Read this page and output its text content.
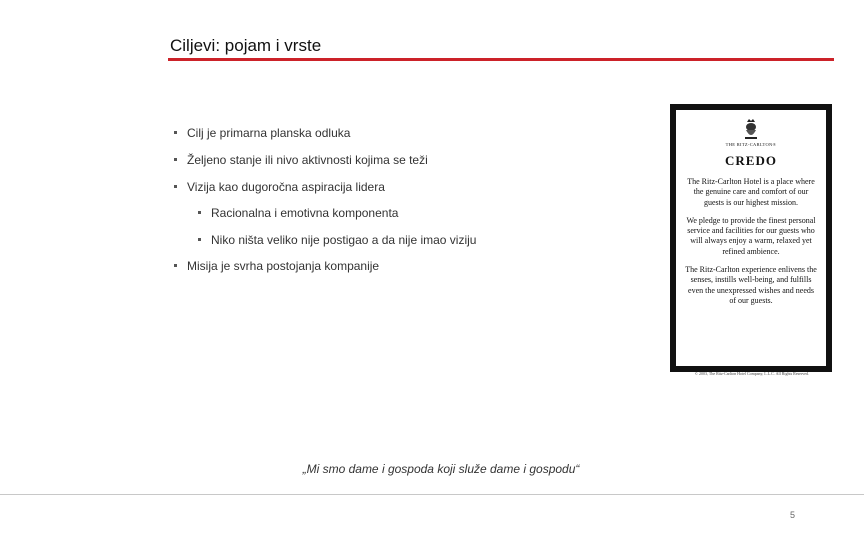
Ciljevi: pojam i vrste
Cilj je primarna planska odluka
Željeno stanje ili nivo aktivnosti kojima se teži
Vizija kao dugoročna aspiracija lidera
Racionalna i emotivna komponenta
Niko ništa veliko nije postigao a da nije imao viziju
Misija je svrha postojanja kompanije
THE RITZ-CARLTON®
CREDO
The Ritz-Carlton Hotel is a place where the genuine care and comfort of our guests is our highest mission.
We pledge to provide the finest personal service and facilities for our guests who will always enjoy a warm, relaxed yet refined ambience.
The Ritz-Carlton experience enlivens the senses, instills well-being, and fulfills even the unexpressed wishes and needs of our guests.
© 2003, The Ritz-Carlton Hotel Company, L.L.C. All Rights Reserved.
„Mi smo dame i gospoda koji služe dame i gospodu“
5
